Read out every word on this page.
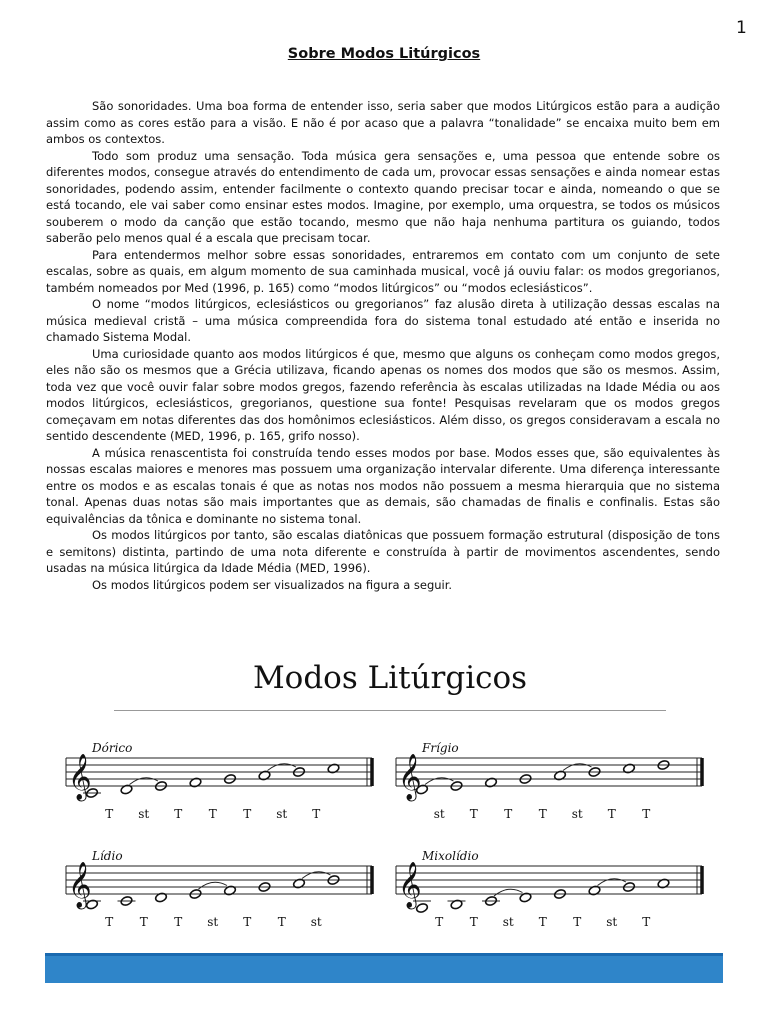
1
Sobre Modos Litúrgicos

São sonoridades. Uma boa forma de entender isso, seria saber que modos Litúrgicos estão para a audição assim como as cores estão para a visão. E não é por acaso que a palavra “tonalidade” se encaixa muito bem em ambos os contextos.

Todo som produz uma sensação. Toda música gera sensações e, uma pessoa que entende sobre os diferentes modos, consegue através do entendimento de cada um, provocar essas sensações e ainda nomear estas sonoridades, podendo assim, entender facilmente o contexto quando precisar tocar e ainda, nomeando o que se está tocando, ele vai saber como ensinar estes modos. Imagine, por exemplo, uma orquestra, se todos os músicos souberem o modo da canção que estão tocando, mesmo que não haja nenhuma partitura os guiando, todos saberão pelo menos qual é a escala que precisam tocar.

Para entendermos melhor sobre essas sonoridades, entraremos em contato com um conjunto de sete escalas, sobre as quais, em algum momento de sua caminhada musical, você já ouviu falar: os modos gregorianos, também nomeados por Med (1996, p. 165) como “modos litúrgicos” ou “modos eclesiásticos”.

O nome “modos litúrgicos, eclesiásticos ou gregorianos” faz alusão direta à utilização dessas escalas na música medieval cristã – uma música compreendida fora do sistema tonal estudado até então e inserida no chamado Sistema Modal.

Uma curiosidade quanto aos modos litúrgicos é que, mesmo que alguns os conheçam como modos gregos, eles não são os mesmos que a Grécia utilizava, ficando apenas os nomes dos modos que são os mesmos. Assim, toda vez que você ouvir falar sobre modos gregos, fazendo referência às escalas utilizadas na Idade Média ou aos modos litúrgicos, eclesiásticos, gregorianos, questione sua fonte! Pesquisas revelaram que os modos gregos começavam em notas diferentes das dos homônimos eclesiásticos. Além disso, os gregos consideravam a escala no sentido descendente (MED, 1996, p. 165, grifo nosso).

A música renascentista foi construída tendo esses modos por base. Modos esses que, são equivalentes às nossas escalas maiores e menores mas possuem uma organização intervalar diferente. Uma diferença interessante entre os modos e as escalas tonais é que as notas nos modos não possuem a mesma hierarquia que no sistema tonal. Apenas duas notas são mais importantes que as demais, são chamadas de finalis e confinalis. Estas são equivalências da tônica e dominante no sistema tonal.

Os modos litúrgicos por tanto, são escalas diatônicas que possuem formação estrutural (disposição de tons e semitons) distinta, partindo de uma nota diferente e construída à partir de movimentos ascendentes, sendo usadas na música litúrgica da Idade Média (MED, 1996).

Os modos litúrgicos podem ser visualizados na figura a seguir.

Modos Litúrgicos
𝄞
Dórico
T st T T T st T
𝄞
Frígio
st T T T st T T
𝄞
Lídio
T T T st T T st
𝄞
Mixolídio
T T st T T st T
